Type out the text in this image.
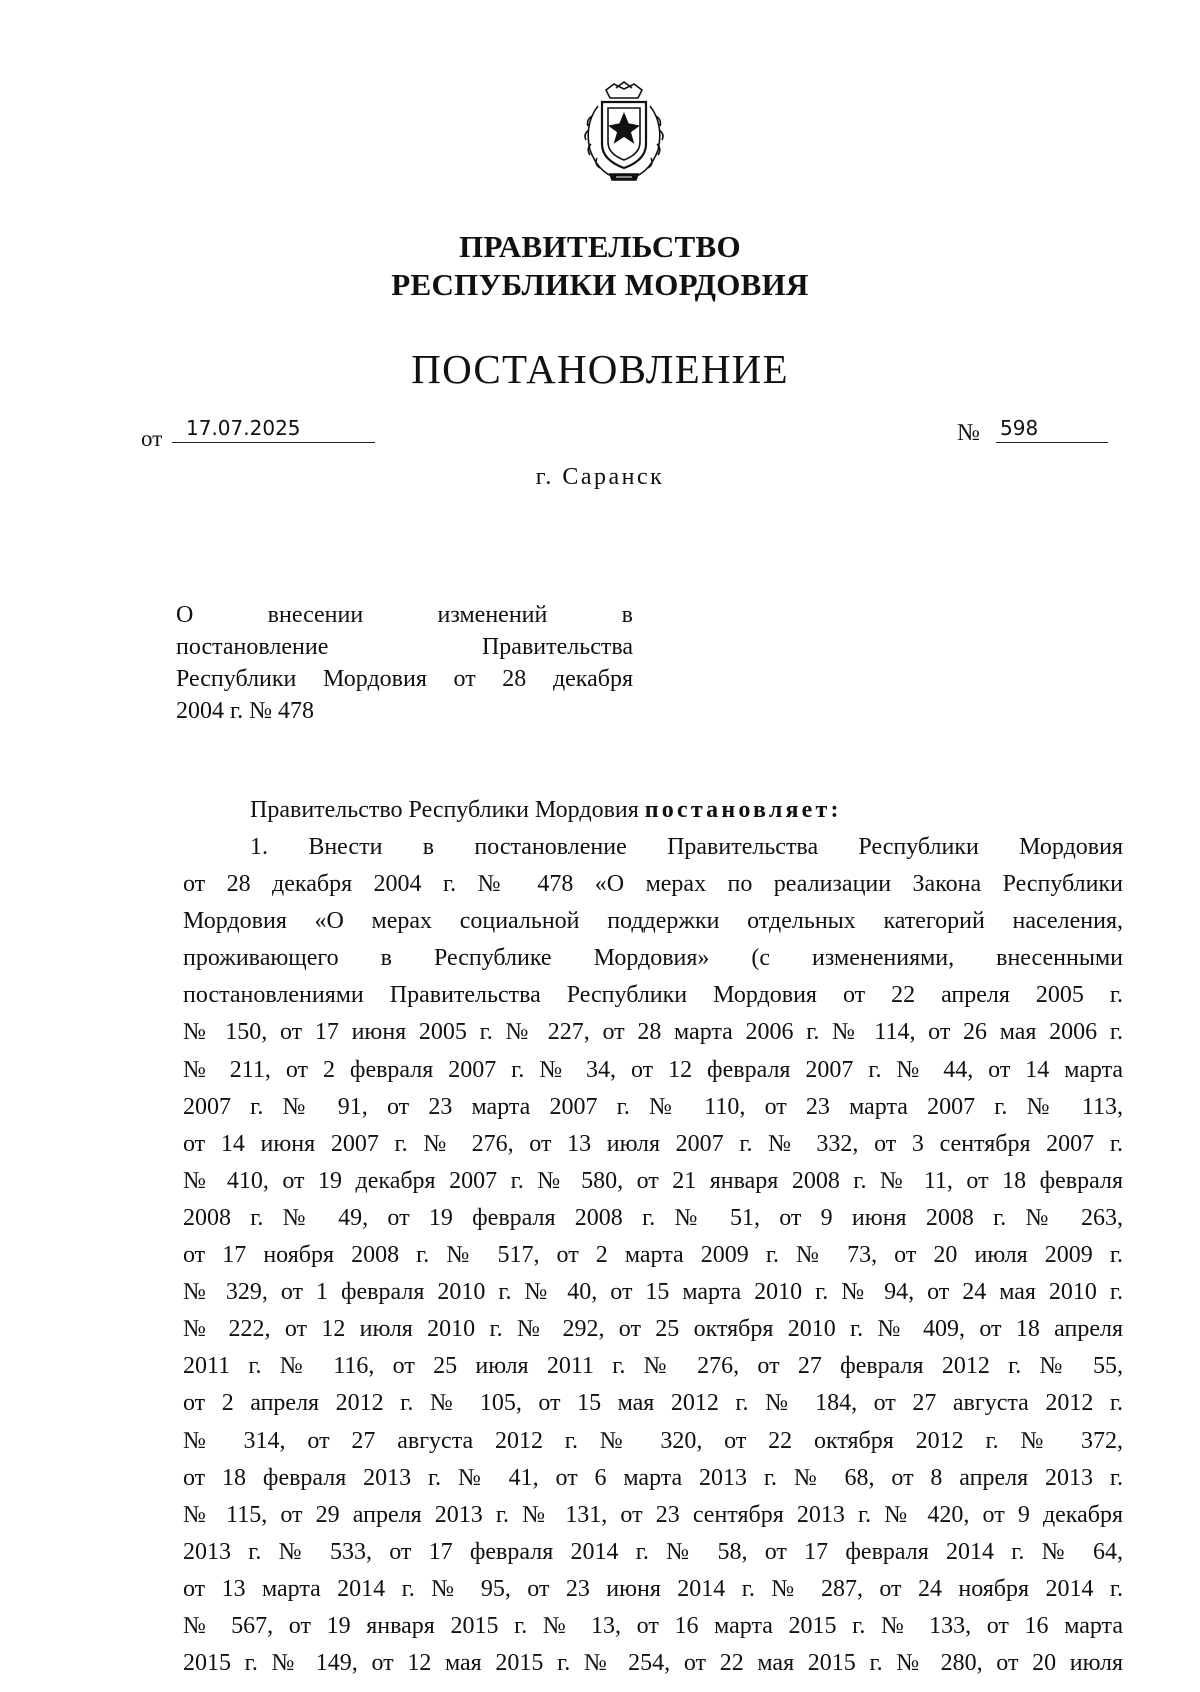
ПРАВИТЕЛЬСТВО
РЕСПУБЛИКИ МОРДОВИЯ
ПОСТАНОВЛЕНИЕ
от	17.07.2025	№ 598
г. Саранск
О внесении изменений в
постановление Правительства
Республики Мордовия от 28 декабря
2004 г. № 478
Правительство Республики Мордовия постановляет:
1. Внести в постановление Правительства Республики Мордовия
от 28 декабря 2004 г. № 478 «О мерах по реализации Закона Республики
Мордовия «О мерах социальной поддержки отдельных категорий населения,
проживающего в Республике Мордовия» (с изменениями, внесенными
постановлениями Правительства Республики Мордовия от 22 апреля 2005 г.
№ 150, от 17 июня 2005 г. № 227, от 28 марта 2006 г. № 114, от 26 мая 2006 г.
№ 211, от 2 февраля 2007 г. № 34, от 12 февраля 2007 г. № 44, от 14 марта
2007 г. № 91, от 23 марта 2007 г. № 110, от 23 марта 2007 г. № 113,
от 14 июня 2007 г. № 276, от 13 июля 2007 г. № 332, от 3 сентября 2007 г.
№ 410, от 19 декабря 2007 г. № 580, от 21 января 2008 г. № 11, от 18 февраля
2008 г. № 49, от 19 февраля 2008 г. № 51, от 9 июня 2008 г. № 263,
от 17 ноября 2008 г. № 517, от 2 марта 2009 г. № 73, от 20 июля 2009 г.
№ 329, от 1 февраля 2010 г. № 40, от 15 марта 2010 г. № 94, от 24 мая 2010 г.
№ 222, от 12 июля 2010 г. № 292, от 25 октября 2010 г. № 409, от 18 апреля
2011 г. № 116, от 25 июля 2011 г. № 276, от 27 февраля 2012 г. № 55,
от 2 апреля 2012 г. № 105, от 15 мая 2012 г. № 184, от 27 августа 2012 г.
№ 314, от 27 августа 2012 г. № 320, от 22 октября 2012 г. № 372,
от 18 февраля 2013 г. № 41, от 6 марта 2013 г. № 68, от 8 апреля 2013 г.
№ 115, от 29 апреля 2013 г. № 131, от 23 сентября 2013 г. № 420, от 9 декабря
2013 г. № 533, от 17 февраля 2014 г. № 58, от 17 февраля 2014 г. № 64,
от 13 марта 2014 г. № 95, от 23 июня 2014 г. № 287, от 24 ноября 2014 г.
№ 567, от 19 января 2015 г. № 13, от 16 марта 2015 г. № 133, от 16 марта
2015 г. № 149, от 12 мая 2015 г. № 254, от 22 мая 2015 г. № 280, от 20 июля
